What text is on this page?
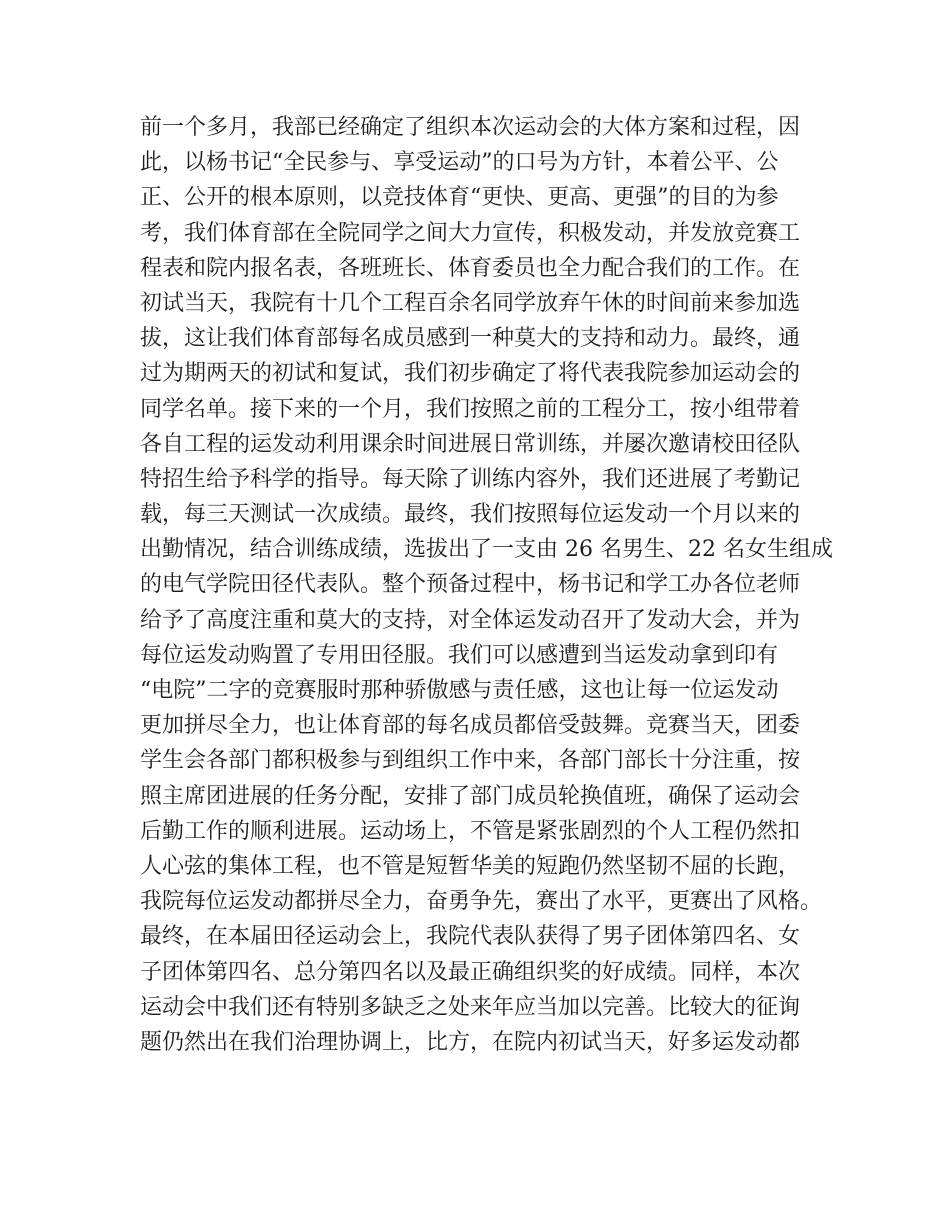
前一个多月，我部已经确定了组织本次运动会的大体方案和过程，因
此，以杨书记“全民参与、享受运动”的口号为方针，本着公平、公
正、公开的根本原则，以竞技体育“更快、更高、更强”的目的为参
考，我们体育部在全院同学之间大力宣传，积极发动，并发放竞赛工
程表和院内报名表，各班班长、体育委员也全力配合我们的工作。在
初试当天，我院有十几个工程百余名同学放弃午休的时间前来参加选
拔，这让我们体育部每名成员感到一种莫大的支持和动力。最终，通
过为期两天的初试和复试，我们初步确定了将代表我院参加运动会的
同学名单。接下来的一个月，我们按照之前的工程分工，按小组带着
各自工程的运发动利用课余时间进展日常训练，并屡次邀请校田径队
特招生给予科学的指导。每天除了训练内容外，我们还进展了考勤记
载，每三天测试一次成绩。最终，我们按照每位运发动一个月以来的
出勤情况，结合训练成绩，选拔出了一支由 26 名男生、22 名女生组成
的电气学院田径代表队。整个预备过程中，杨书记和学工办各位老师
给予了高度注重和莫大的支持，对全体运发动召开了发动大会，并为
每位运发动购置了专用田径服。我们可以感遭到当运发动拿到印有
“电院”二字的竞赛服时那种骄傲感与责任感，这也让每一位运发动
更加拼尽全力，也让体育部的每名成员都倍受鼓舞。竞赛当天，团委
学生会各部门都积极参与到组织工作中来，各部门部长十分注重，按
照主席团进展的任务分配，安排了部门成员轮换值班，确保了运动会
后勤工作的顺利进展。运动场上，不管是紧张剧烈的个人工程仍然扣
人心弦的集体工程，也不管是短暂华美的短跑仍然坚韧不屈的长跑，
我院每位运发动都拼尽全力，奋勇争先，赛出了水平，更赛出了风格。
最终，在本届田径运动会上，我院代表队获得了男子团体第四名、女
子团体第四名、总分第四名以及最正确组织奖的好成绩。同样，本次
运动会中我们还有特别多缺乏之处来年应当加以完善。比较大的征询
题仍然出在我们治理协调上，比方，在院内初试当天，好多运发动都
